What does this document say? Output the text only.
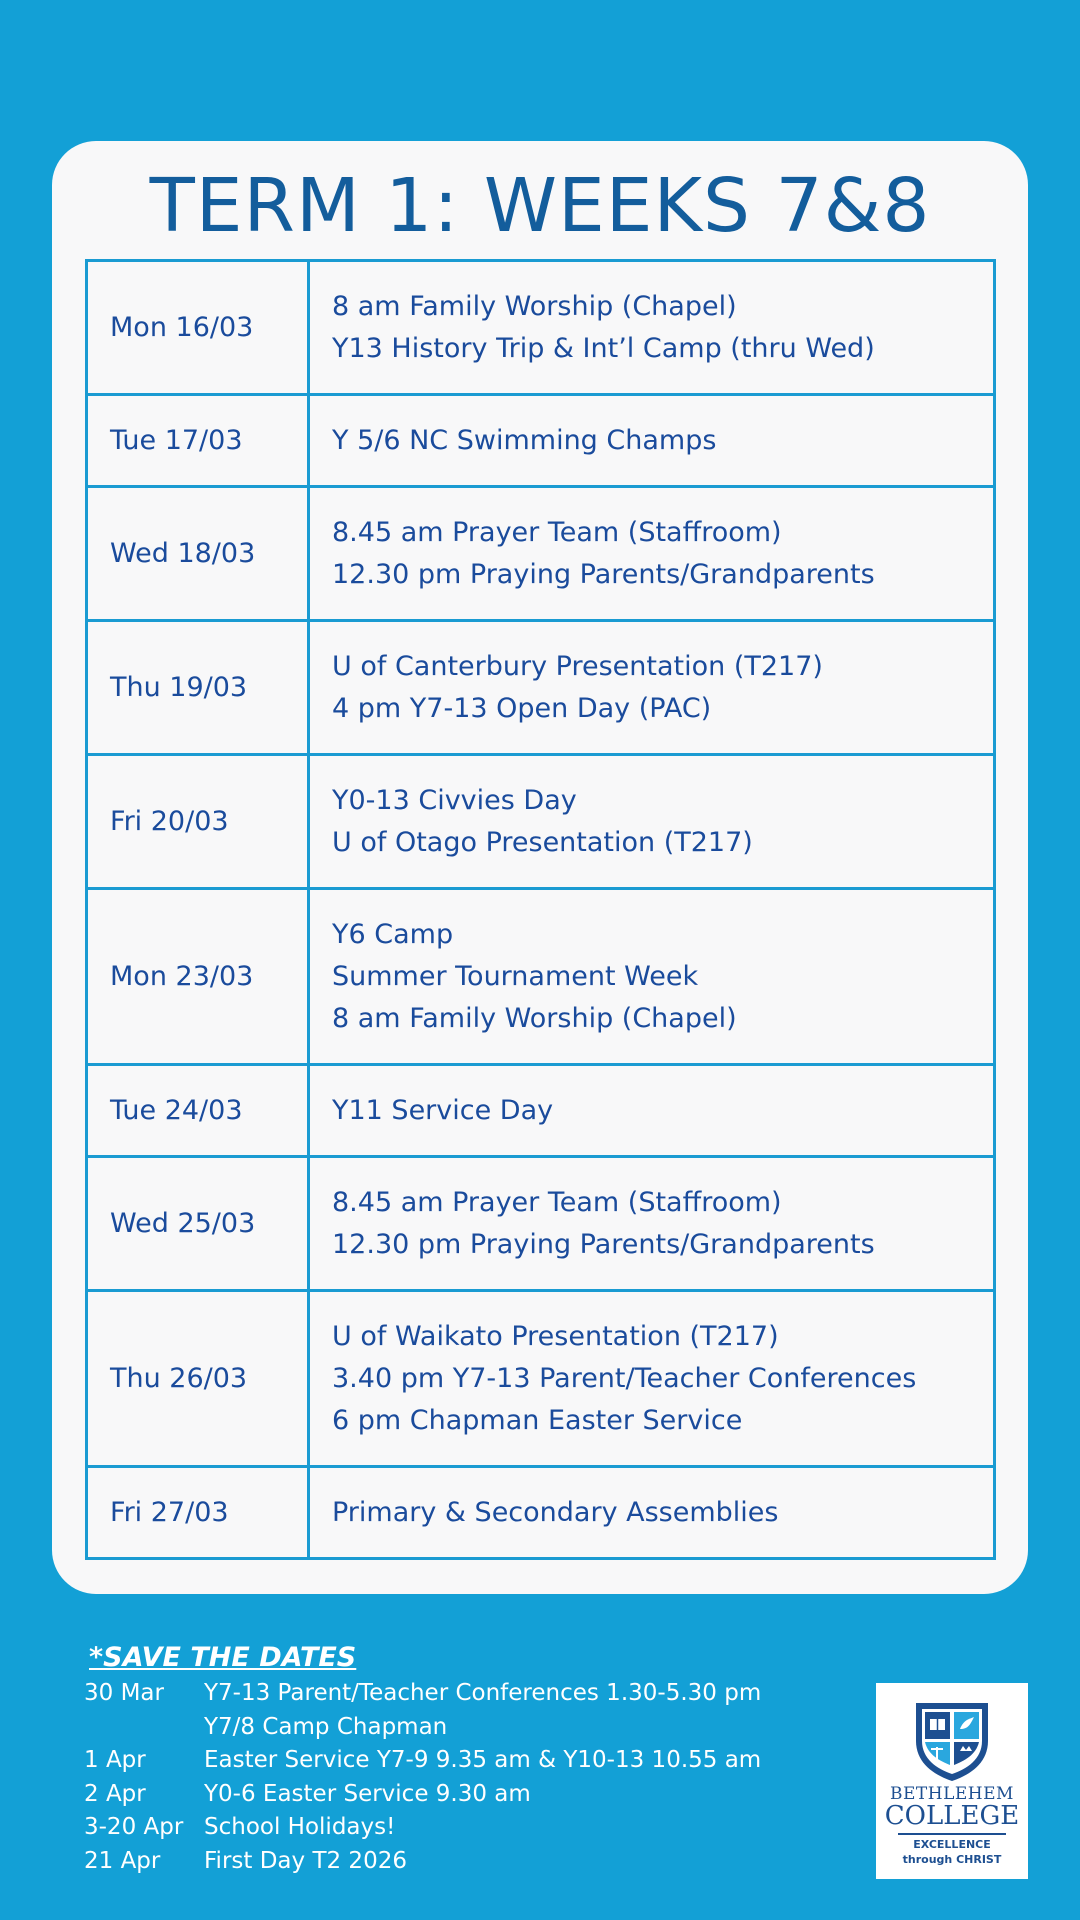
TERM 1: WEEKS 7&8
Mon 16/03	8 am Family Worship (Chapel)
Y13 History Trip & Int’l Camp (thru Wed)

Tue 17/03	Y 5/6 NC Swimming Champs

Wed 18/03	8.45 am Prayer Team (Staffroom)
12.30 pm Praying Parents/Grandparents

Thu 19/03	U of Canterbury Presentation (T217)
4 pm Y7-13 Open Day (PAC)

Fri 20/03	Y0-13 Civvies Day
U of Otago Presentation (T217)

Mon 23/03	Y6 Camp
Summer Tournament Week
8 am Family Worship (Chapel)

Tue 24/03	Y11 Service Day

Wed 25/03	8.45 am Prayer Team (Staffroom)
12.30 pm Praying Parents/Grandparents

Thu 26/03	U of Waikato Presentation (T217)
3.40 pm Y7-13 Parent/Teacher Conferences
6 pm Chapman Easter Service

Fri 27/03	Primary & Secondary Assemblies
*SAVE THE DATES
30 Mar	Y7-13 Parent/Teacher Conferences 1.30-5.30 pm
Y7/8 Camp Chapman
1 Apr	Easter Service Y7-9 9.35 am & Y10-13 10.55 am
2 Apr	Y0-6 Easter Service 9.30 am
3-20 Apr School Holidays!
21 Apr	First Day T2 2026
BETHLEHEM
COLLEGE
EXCELLENCE
through CHRIST
